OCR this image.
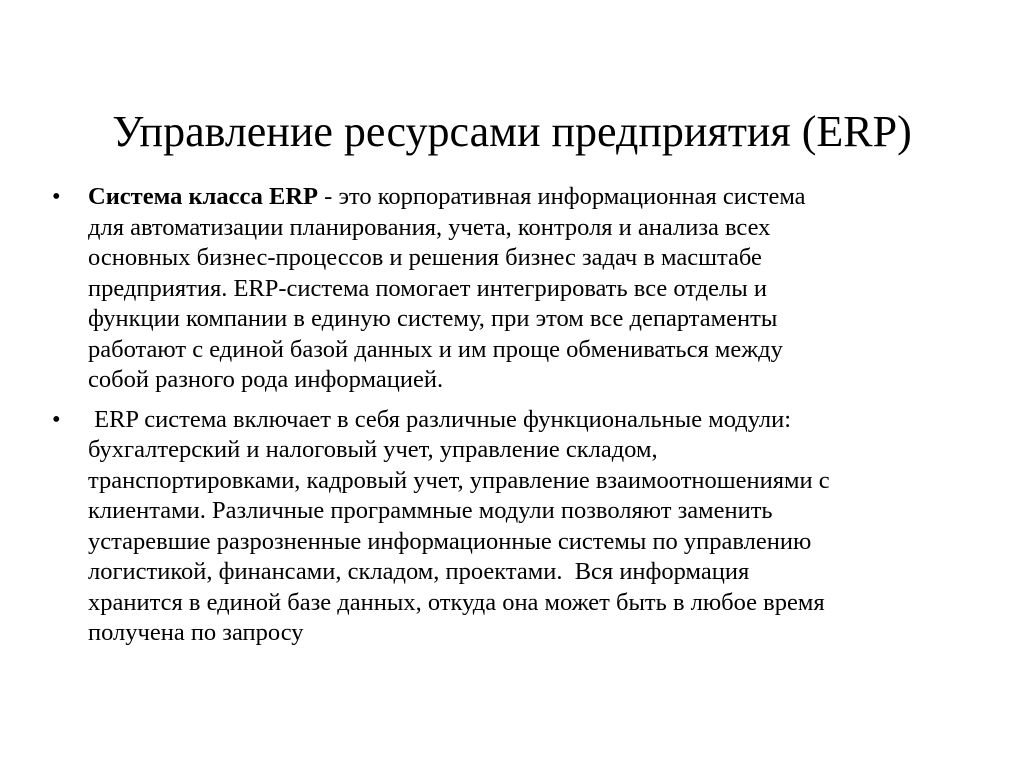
Управление ресурсами предприятия (ERP)
•	Система класса ERP - это корпоративная информационная система
для автоматизации планирования, учета, контроля и анализа всех
основных бизнес-процессов и решения бизнес задач в масштабе
предприятия. ERP-система помогает интегрировать все отделы и
функции компании в единую систему, при этом все департаменты
работают с единой базой данных и им проще обмениваться между
собой разного рода информацией.
•	ERP система включает в себя различные функциональные модули:
бухгалтерский и налоговый учет, управление складом,
транспортировками, кадровый учет, управление взаимоотношениями с
клиентами. Различные программные модули позволяют заменить
устаревшие разрозненные информационные системы по управлению
логистикой, финансами, складом, проектами.  Вся информация
хранится в единой базе данных, откуда она может быть в любое время
получена по запросу
